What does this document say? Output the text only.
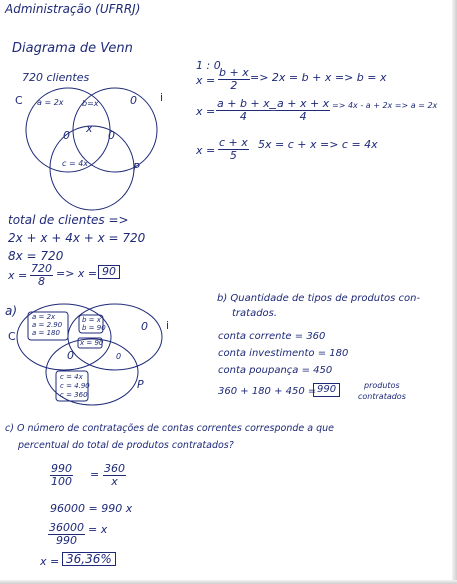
Administração (UFRRJ)
Diagrama de Venn
720 clientes
C	i
P
a = 2x b=x	0
0
x
0
c = 4x
1 : 0
$x = \frac{b + x}{2} => 2x = b + x => b = x$
$x = \frac{a + b + x}{4}$
=
$\frac{a + x + x}{4} => 4x - a + 2x => a = 2x$
$x = \frac{c + x}{5} 5x = c + x => c = 4x$
total de clientes =>
2x + x + 4x + x = 720
8x = 720
$x = \frac{720}{8} => x = 90$
a)
C
i
P
a = 2x
a = 2.90
a = 180
b = x
b = 90
x = 90
0
0
0
c = 4x
c = 4.90
c = 360
b) Quantidade de tipos de produtos con-
tratados.
conta corrente = 360
conta investimento = 180
conta poupança = 450
360 + 180 + 450 = 990	produtos
contratados
c) O número de contratações de contas correntes corresponde a que
percentual do total de produtos contratados?
$\frac{990}{100} = \frac{360}{x}$
96000 = 990 x
$\frac{36000}{990} = x$
x = 36,36%
